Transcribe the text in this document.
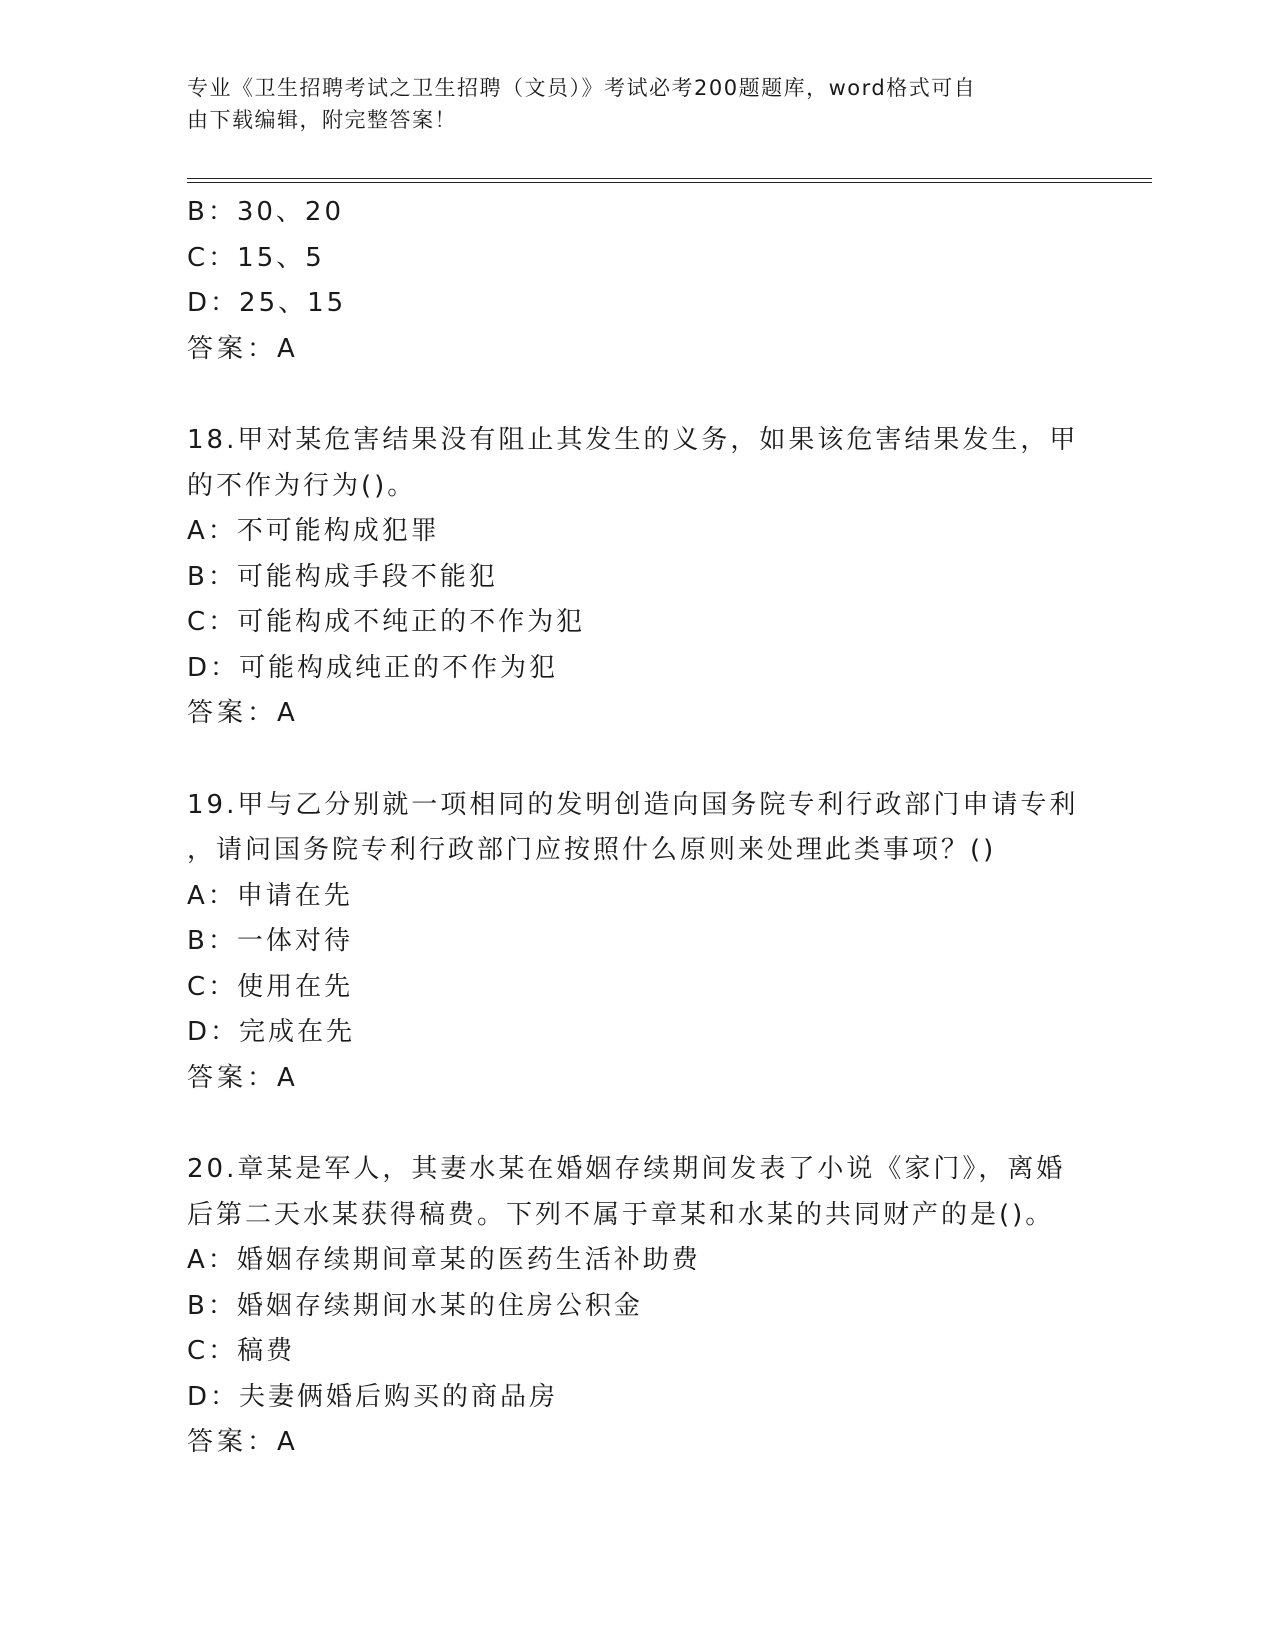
专业《卫生招聘考试之卫生招聘（文员）》考试必考200题题库，word格式可自
由下载编辑，附完整答案！
B：30、20
C：15、5
D：25、15
答案：A
18.甲对某危害结果没有阻止其发生的义务，如果该危害结果发生，甲
的不作为行为()。
A：不可能构成犯罪
B：可能构成手段不能犯
C：可能构成不纯正的不作为犯
D：可能构成纯正的不作为犯
答案：A
19.甲与乙分别就一项相同的发明创造向国务院专利行政部门申请专利
，请问国务院专利行政部门应按照什么原则来处理此类事项？()
A：申请在先
B：一体对待
C：使用在先
D：完成在先
答案：A
20.章某是军人，其妻水某在婚姻存续期间发表了小说《家门》，离婚
后第二天水某获得稿费。下列不属于章某和水某的共同财产的是()。
A：婚姻存续期间章某的医药生活补助费
B：婚姻存续期间水某的住房公积金
C：稿费
D：夫妻俩婚后购买的商品房
答案：A
